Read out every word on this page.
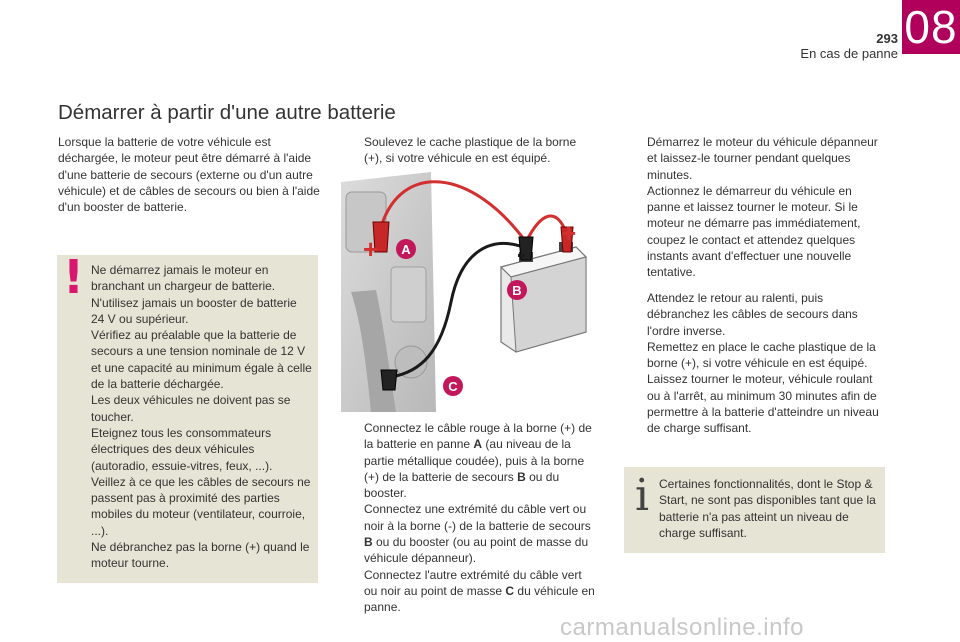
293
En cas de panne
08
Démarrer à partir d'une autre batterie
Lorsque la batterie de votre véhicule est déchargée, le moteur peut être démarré à l'aide d'une batterie de secours (externe ou d'un autre véhicule) et de câbles de secours ou bien à l'aide d'un booster de batterie.
! Ne démarrez jamais le moteur en branchant un chargeur de batterie.
N'utilisez jamais un booster de batterie 24 V ou supérieur.
Vérifiez au préalable que la batterie de secours a une tension nominale de 12 V et une capacité au minimum égale à celle de la batterie déchargée.
Les deux véhicules ne doivent pas se toucher.
Eteignez tous les consommateurs électriques des deux véhicules (autoradio, essuie-vitres, feux, ...).
Veillez à ce que les câbles de secours ne passent pas à proximité des parties mobiles du moteur (ventilateur, courroie, ...).
Ne débranchez pas la borne (+) quand le moteur tourne.
Soulevez le cache plastique de la borne (+), si votre véhicule en est équipé.
A
B
C
+
+
-
Connectez le câble rouge à la borne (+) de la batterie en panne A (au niveau de la partie métallique coudée), puis à la borne (+) de la batterie de secours B ou du booster.
Connectez une extrémité du câble vert ou noir à la borne (-) de la batterie de secours B ou du booster (ou au point de masse du véhicule dépanneur).
Connectez l'autre extrémité du câble vert ou noir au point de masse C du véhicule en panne.
Démarrez le moteur du véhicule dépanneur et laissez-le tourner pendant quelques minutes.
Actionnez le démarreur du véhicule en panne et laissez tourner le moteur. Si le moteur ne démarre pas immédiatement, coupez le contact et attendez quelques instants avant d'effectuer une nouvelle tentative.
Attendez le retour au ralenti, puis débranchez les câbles de secours dans l'ordre inverse.
Remettez en place le cache plastique de la borne (+), si votre véhicule en est équipé.
Laissez tourner le moteur, véhicule roulant ou à l'arrêt, au minimum 30 minutes afin de permettre à la batterie d'atteindre un niveau de charge suffisant.
i Certaines fonctionnalités, dont le Stop & Start, ne sont pas disponibles tant que la batterie n'a pas atteint un niveau de charge suffisant.
carmanualsonline.info
